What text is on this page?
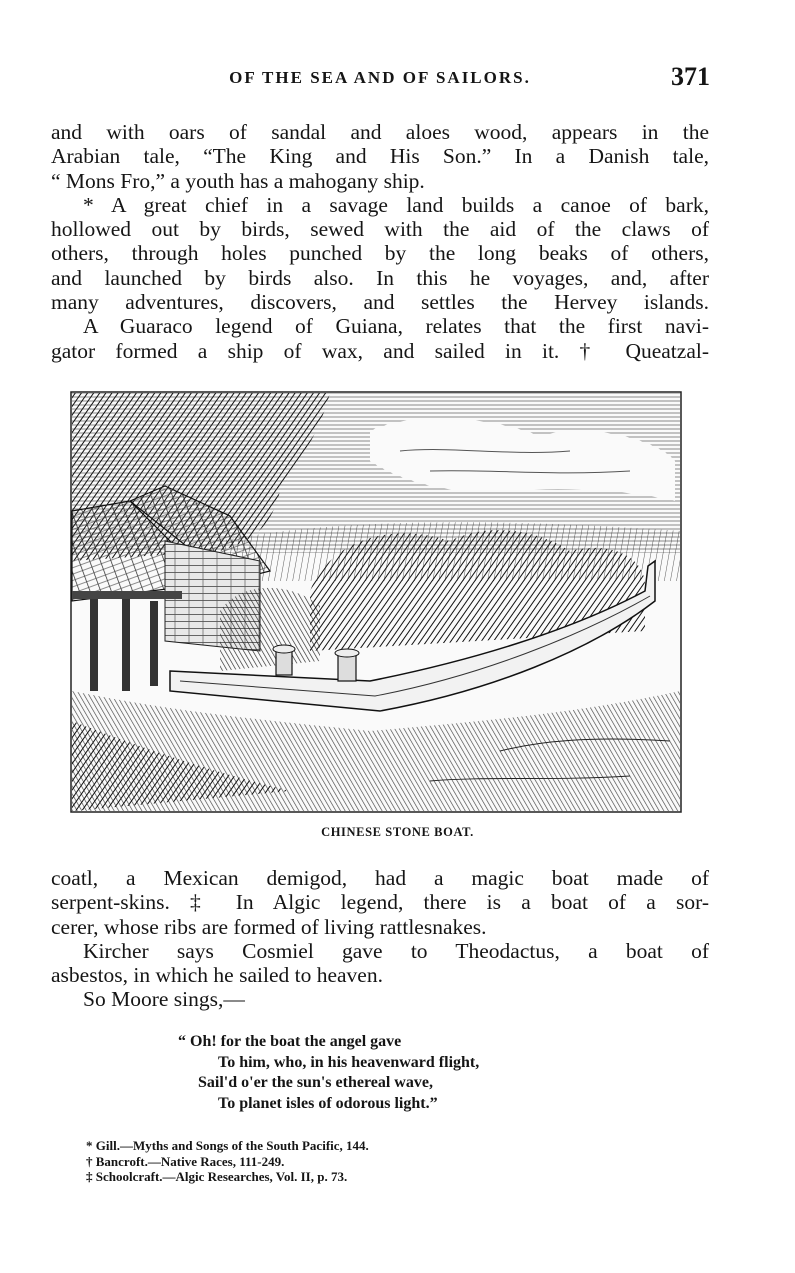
OF THE SEA AND OF SAILORS.	371
and with oars of sandal and aloes wood, appears in the
Arabian tale, “The King and His Son.” In a Danish tale,
“ Mons Fro,” a youth has a mahogany ship.
* A great chief in a savage land builds a canoe of bark,
hollowed out by birds, sewed with the aid of the claws of
others, through holes punched by the long beaks of others,
and launched by birds also. In this he voyages, and, after
many adventures, discovers, and settles the Hervey islands.
A Guaraco legend of Guiana, relates that the first navi-
gator formed a ship of wax, and sailed in it. † Queatzal-
CHINESE STONE BOAT.
coatl, a Mexican demigod, had a magic boat made of
serpent-skins. ‡ In Algic legend, there is a boat of a sor-
cerer, whose ribs are formed of living rattlesnakes.
Kircher says Cosmiel gave to Theodactus, a boat of
asbestos, in which he sailed to heaven.
So Moore sings,—
“ Oh! for the boat the angel gave
To him, who, in his heavenward flight,
Sail'd o'er the sun's ethereal wave,
To planet isles of odorous light.”
* Gill.—Myths and Songs of the South Pacific, 144.
† Bancroft.—Native Races, 111-249.
‡ Schoolcraft.—Algic Researches, Vol. II, p. 73.
